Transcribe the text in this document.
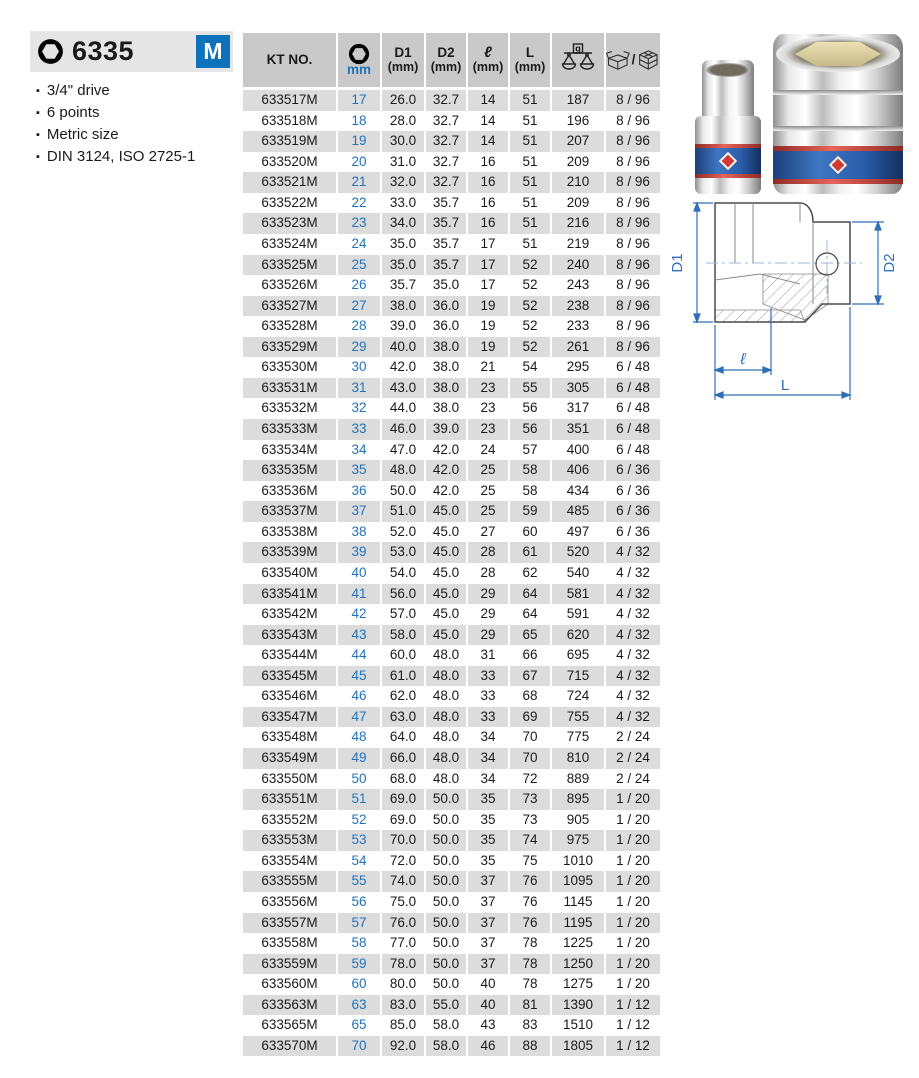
6335	M
▪ 3/4" drive
▪ 6 points
▪ Metric size
▪ DIN 3124, ISO 2725-1
KT NO.	
mm

D1
(mm)

D2
(mm)

ℓ
(mm)

L
(mm)

g

/

633517M	17	26.0	32.7	14	51	187	8 / 96
633518M	18	28.0	32.7	14	51	196	8 / 96
633519M	19	30.0	32.7	14	51	207	8 / 96
633520M	20	31.0	32.7	16	51	209	8 / 96
633521M	21	32.0	32.7	16	51	210	8 / 96
633522M	22	33.0	35.7	16	51	209	8 / 96
633523M	23	34.0	35.7	16	51	216	8 / 96
633524M	24	35.0	35.7	17	51	219	8 / 96
633525M	25	35.0	35.7	17	52	240	8 / 96
633526M	26	35.7	35.0	17	52	243	8 / 96
633527M	27	38.0	36.0	19	52	238	8 / 96
633528M	28	39.0	36.0	19	52	233	8 / 96
633529M	29	40.0	38.0	19	52	261	8 / 96
633530M	30	42.0	38.0	21	54	295	6 / 48
633531M	31	43.0	38.0	23	55	305	6 / 48
633532M	32	44.0	38.0	23	56	317	6 / 48
633533M	33	46.0	39.0	23	56	351	6 / 48
633534M	34	47.0	42.0	24	57	400	6 / 48
633535M	35	48.0	42.0	25	58	406	6 / 36
633536M	36	50.0	42.0	25	58	434	6 / 36
633537M	37	51.0	45.0	25	59	485	6 / 36
633538M	38	52.0	45.0	27	60	497	6 / 36
633539M	39	53.0	45.0	28	61	520	4 / 32
633540M	40	54.0	45.0	28	62	540	4 / 32
633541M	41	56.0	45.0	29	64	581	4 / 32
633542M	42	57.0	45.0	29	64	591	4 / 32
633543M	43	58.0	45.0	29	65	620	4 / 32
633544M	44	60.0	48.0	31	66	695	4 / 32
633545M	45	61.0	48.0	33	67	715	4 / 32
633546M	46	62.0	48.0	33	68	724	4 / 32
633547M	47	63.0	48.0	33	69	755	4 / 32
633548M	48	64.0	48.0	34	70	775	2 / 24
633549M	49	66.0	48.0	34	70	810	2 / 24
633550M	50	68.0	48.0	34	72	889	2 / 24
633551M	51	69.0	50.0	35	73	895	1 / 20
633552M	52	69.0	50.0	35	73	905	1 / 20
633553M	53	70.0	50.0	35	74	975	1 / 20
633554M	54	72.0	50.0	35	75	1010	1 / 20
633555M	55	74.0	50.0	37	76	1095	1 / 20
633556M	56	75.0	50.0	37	76	1145	1 / 20
633557M	57	76.0	50.0	37	76	1195	1 / 20
633558M	58	77.0	50.0	37	78	1225	1 / 20
633559M	59	78.0	50.0	37	78	1250	1 / 20
633560M	60	80.0	50.0	40	78	1275	1 / 20
633563M	63	83.0	55.0	40	81	1390	1 / 12
633565M	65	85.0	58.0	43	83	1510	1 / 12
633570M	70	92.0	58.0	46	88	1805	1 / 12
D1	D2
ℓ
L
